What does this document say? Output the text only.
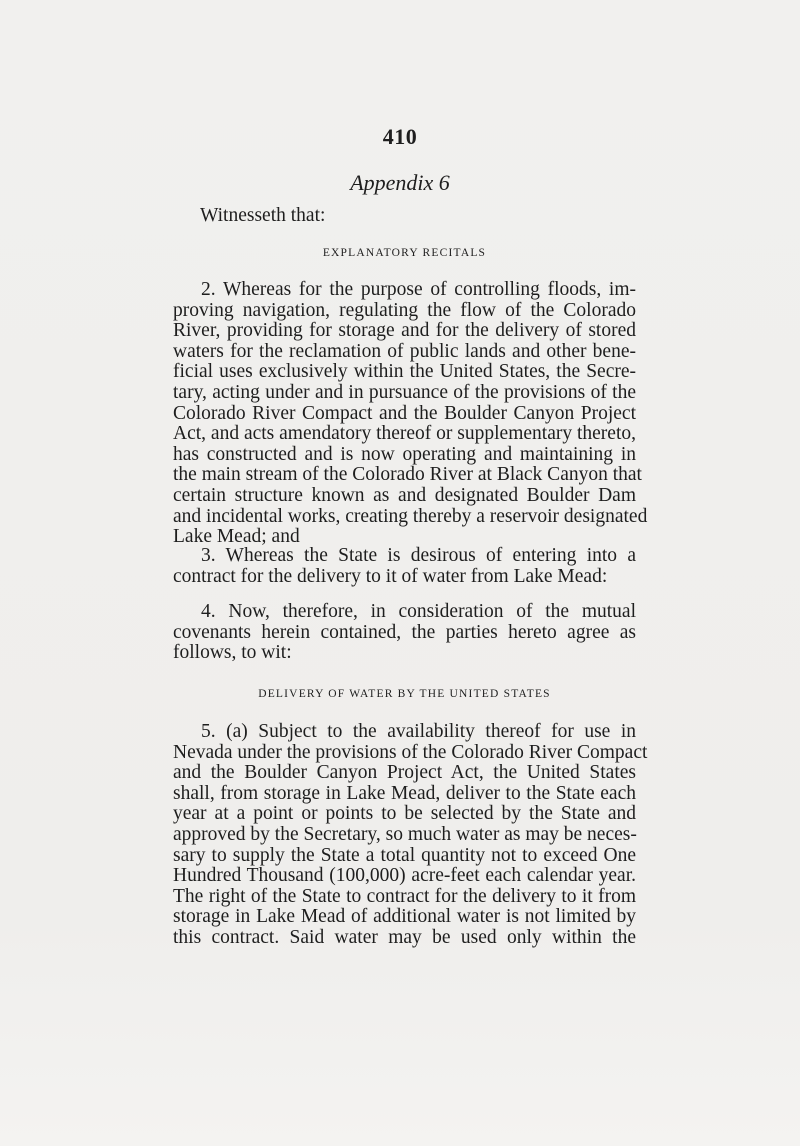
410
Appendix 6
Witnesseth that:
EXPLANATORY RECITALS

2. Whereas for the purpose of controlling floods, im-
proving navigation, regulating the flow of the Colorado
River, providing for storage and for the delivery of stored
waters for the reclamation of public lands and other bene-
ficial uses exclusively within the United States, the Secre-
tary, acting under and in pursuance of the provisions of the
Colorado River Compact and the Boulder Canyon Project
Act, and acts amendatory thereof or supplementary thereto,
has constructed and is now operating and maintaining in
the main stream of the Colorado River at Black Canyon that
certain structure known as and designated Boulder Dam
and incidental works, creating thereby a reservoir designated
Lake Mead; and

3. Whereas the State is desirous of entering into a
contract for the delivery to it of water from Lake Mead:

4. Now, therefore, in consideration of the mutual
covenants herein contained, the parties hereto agree as
follows, to wit:

DELIVERY OF WATER BY THE UNITED STATES

5. (a) Subject to the availability thereof for use in
Nevada under the provisions of the Colorado River Compact
and the Boulder Canyon Project Act, the United States
shall, from storage in Lake Mead, deliver to the State each
year at a point or points to be selected by the State and
approved by the Secretary, so much water as may be neces-
sary to supply the State a total quantity not to exceed One
Hundred Thousand (100,000) acre-feet each calendar year.
The right of the State to contract for the delivery to it from
storage in Lake Mead of additional water is not limited by
this contract. Said water may be used only within the
